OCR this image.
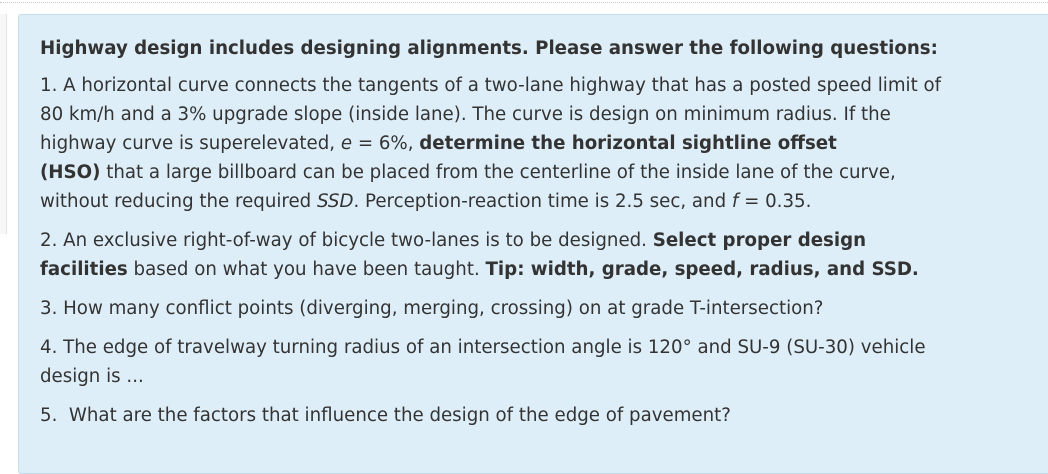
Highway design includes designing alignments. Please answer the following questions:
1. A horizontal curve connects the tangents of a two-lane highway that has a posted speed limit of
80 km/h and a 3% upgrade slope (inside lane). The curve is design on minimum radius. If the
highway curve is superelevated, e = 6%, determine the horizontal sightline offset
(HSO) that a large billboard can be placed from the centerline of the inside lane of the curve,
without reducing the required SSD. Perception-reaction time is 2.5 sec, and f = 0.35.
2. An exclusive right-of-way of bicycle two-lanes is to be designed. Select proper design
facilities based on what you have been taught. Tip: width, grade, speed, radius, and SSD.
3. How many conflict points (diverging, merging, crossing) on at grade T-intersection?
4. The edge of travelway turning radius of an intersection angle is 120° and SU-9 (SU-30) vehicle
design is ...
5.  What are the factors that influence the design of the edge of pavement?
